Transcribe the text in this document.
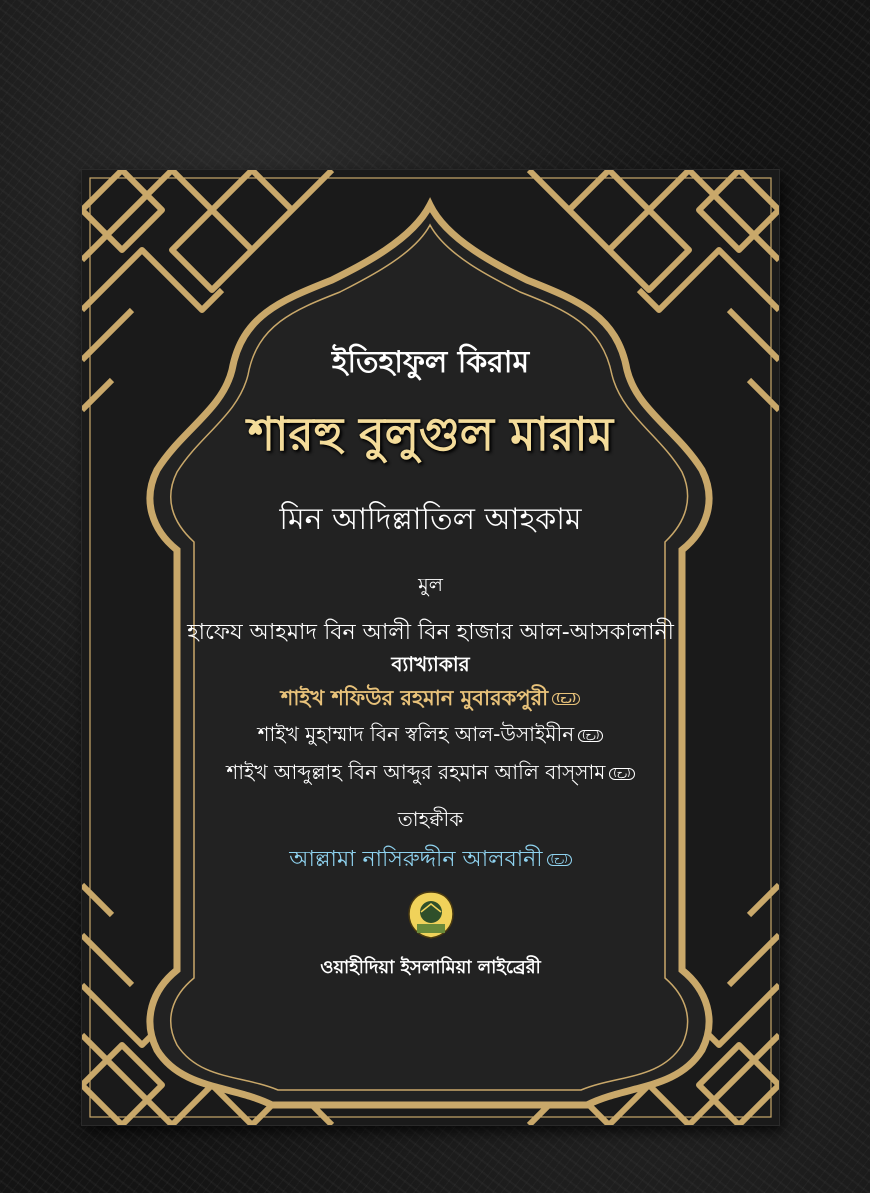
ইতিহাফুল কিরাম
শারহু বুলুগুল মারাম
মিন আদিল্লাতিল আহকাম
মুল
হাফেয আহমাদ বিন আলী বিন হাজার আল-আসকালানী
ব্যাখ্যাকার
শাইখ শফিউর রহমান মুবারকপুরী (رح)
শাইখ মুহাম্মাদ বিন স্বলিহ আল-উসাইমীন (رح)
শাইখ আব্দুল্লাহ বিন আব্দুর রহমান আলি বাস্সাম (رح)
তাহক্বীক
আল্লামা নাসিরুদ্দীন আলবানী (رح)
ওয়াহীদিয়া ইসলামিয়া লাইব্রেরী
